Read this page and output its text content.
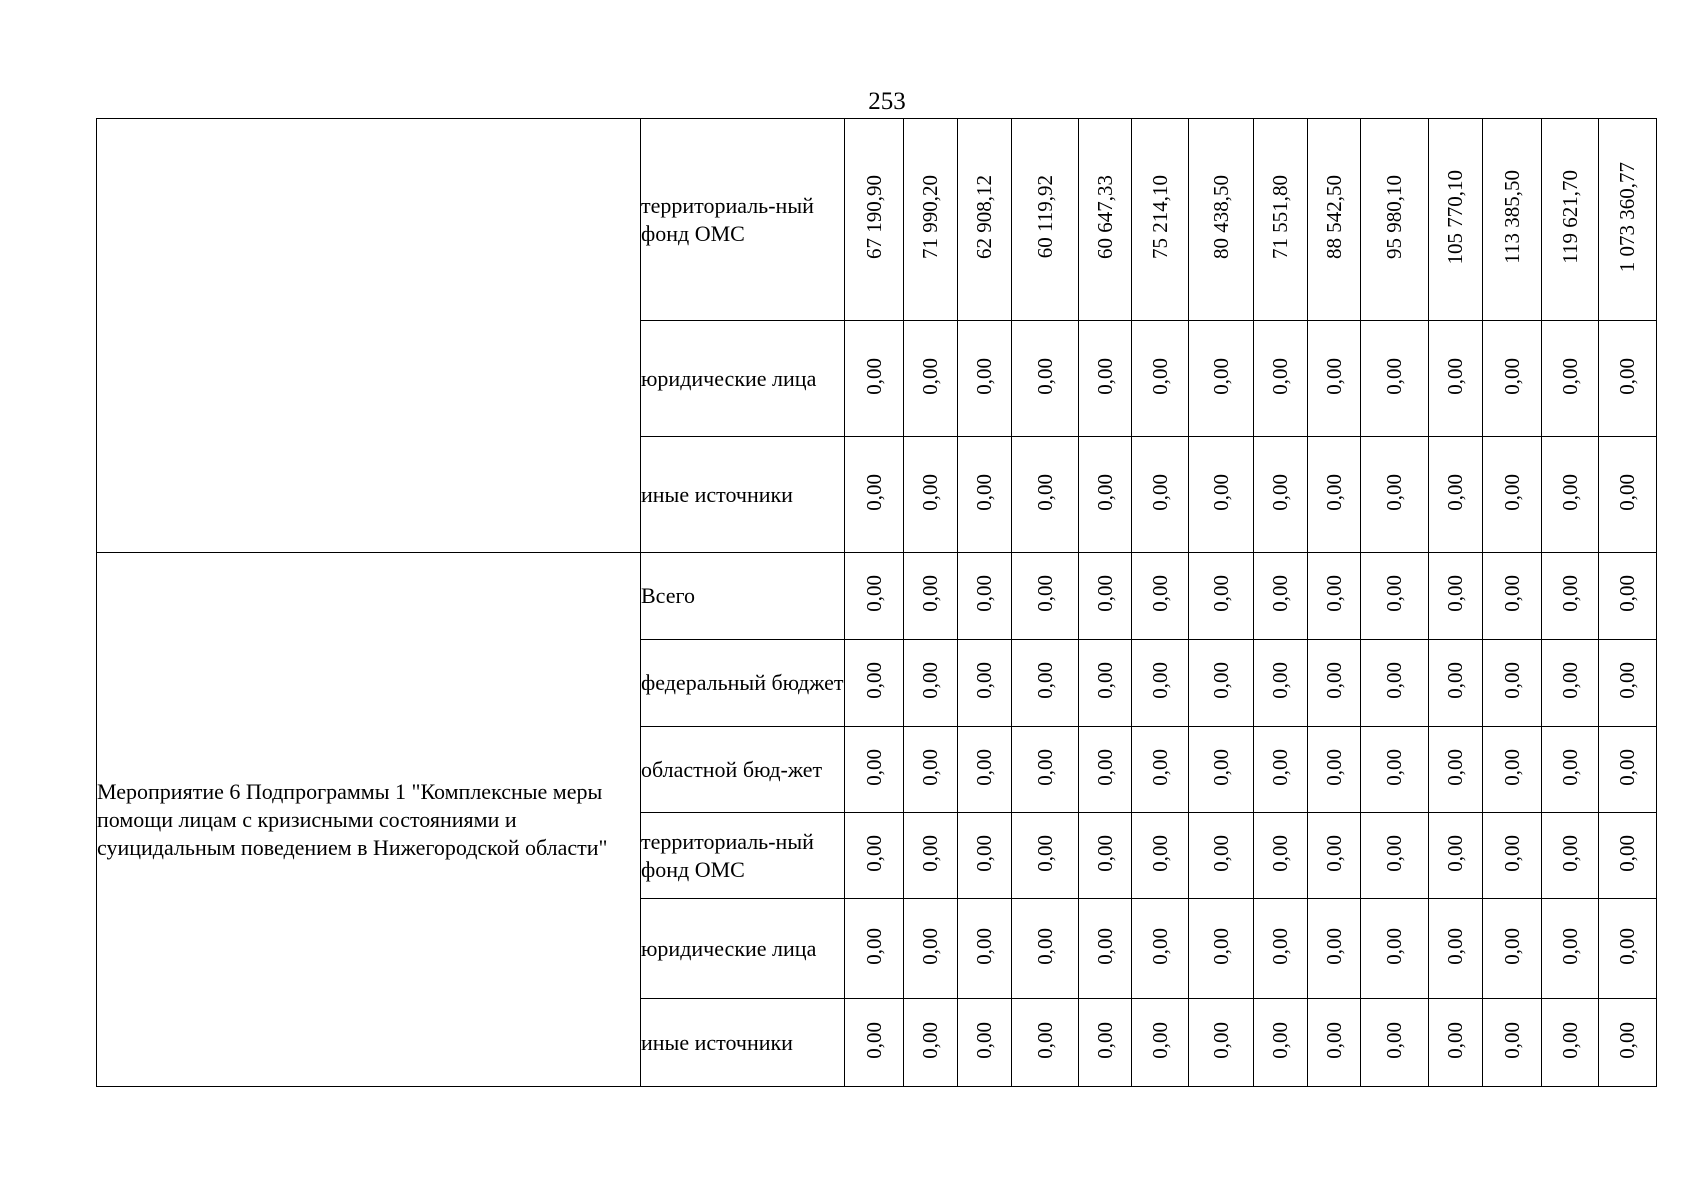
253
	территориаль-ный фонд ОМС	67 190,90	71 990,20	62 908,12	60 119,92	60 647,33	75 214,10	80 438,50	71 551,80	88 542,50	95 980,10	105 770,10	113 385,50	119 621,70	1 073 360,77
	юридические лица	0,00	0,00	0,00	0,00	0,00	0,00	0,00	0,00	0,00	0,00	0,00	0,00	0,00	0,00
	иные источники	0,00	0,00	0,00	0,00	0,00	0,00	0,00	0,00	0,00	0,00	0,00	0,00	0,00	0,00
Мероприятие 6 Подпрограммы 1 "Комплексные меры помощи лицам с кризисными состояниями и суицидальным поведением в Нижегородской области"	Всего	0,00	0,00	0,00	0,00	0,00	0,00	0,00	0,00	0,00	0,00	0,00	0,00	0,00	0,00
	федеральный бюджет	0,00	0,00	0,00	0,00	0,00	0,00	0,00	0,00	0,00	0,00	0,00	0,00	0,00	0,00
	областной бюд-жет	0,00	0,00	0,00	0,00	0,00	0,00	0,00	0,00	0,00	0,00	0,00	0,00	0,00	0,00
	территориаль-ный фонд ОМС	0,00	0,00	0,00	0,00	0,00	0,00	0,00	0,00	0,00	0,00	0,00	0,00	0,00	0,00
	юридические лица	0,00	0,00	0,00	0,00	0,00	0,00	0,00	0,00	0,00	0,00	0,00	0,00	0,00	0,00
	иные источники	0,00	0,00	0,00	0,00	0,00	0,00	0,00	0,00	0,00	0,00	0,00	0,00	0,00	0,00
